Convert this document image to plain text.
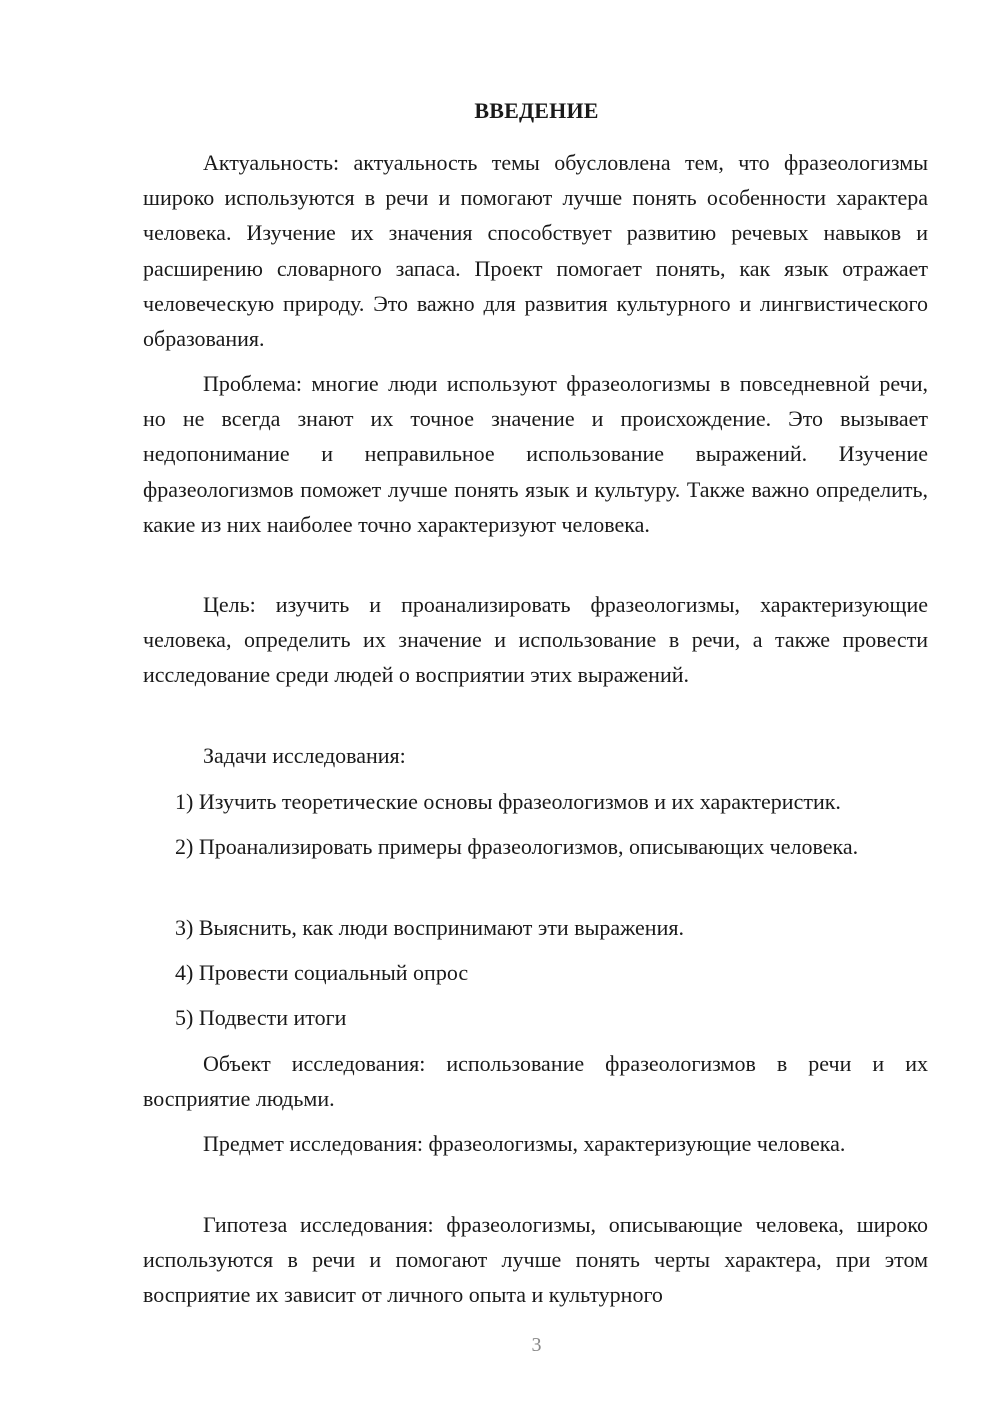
ВВЕДЕНИЕ

Актуальность: актуальность темы обусловлена тем, что фразеологизмы широко используются в речи и помогают лучше понять особенности характера человека. Изучение их значения способствует развитию речевых навыков и расширению словарного запаса. Проект помогает понять, как язык отражает человеческую природу. Это важно для развития культурного и лингвистического образования.

Проблема: многие люди используют фразеологизмы в повседневной речи, но не всегда знают их точное значение и происхождение. Это вызывает недопонимание и неправильное использование выражений. Изучение фразеологизмов поможет лучше понять язык и культуру. Также важно определить, какие из них наиболее точно характеризуют человека.

Цель: изучить и проанализировать фразеологизмы, характеризующие человека, определить их значение и использование в речи, а также провести исследование среди людей о восприятии этих выражений.

Задачи исследования:

1) Изучить теоретические основы фразеологизмов и их характеристик.

2) Проанализировать примеры фразеологизмов, описывающих человека.

3) Выяснить, как люди воспринимают эти выражения.

4) Провести социальный опрос

5) Подвести итоги

Объект исследования: использование фразеологизмов в речи и их восприятие людьми.

Предмет исследования: фразеологизмы, характеризующие человека.

Гипотеза исследования: фразеологизмы, описывающие человека, широко используются в речи и помогают лучше понять черты характера, при этом восприятие их зависит от личного опыта и культурного

3
